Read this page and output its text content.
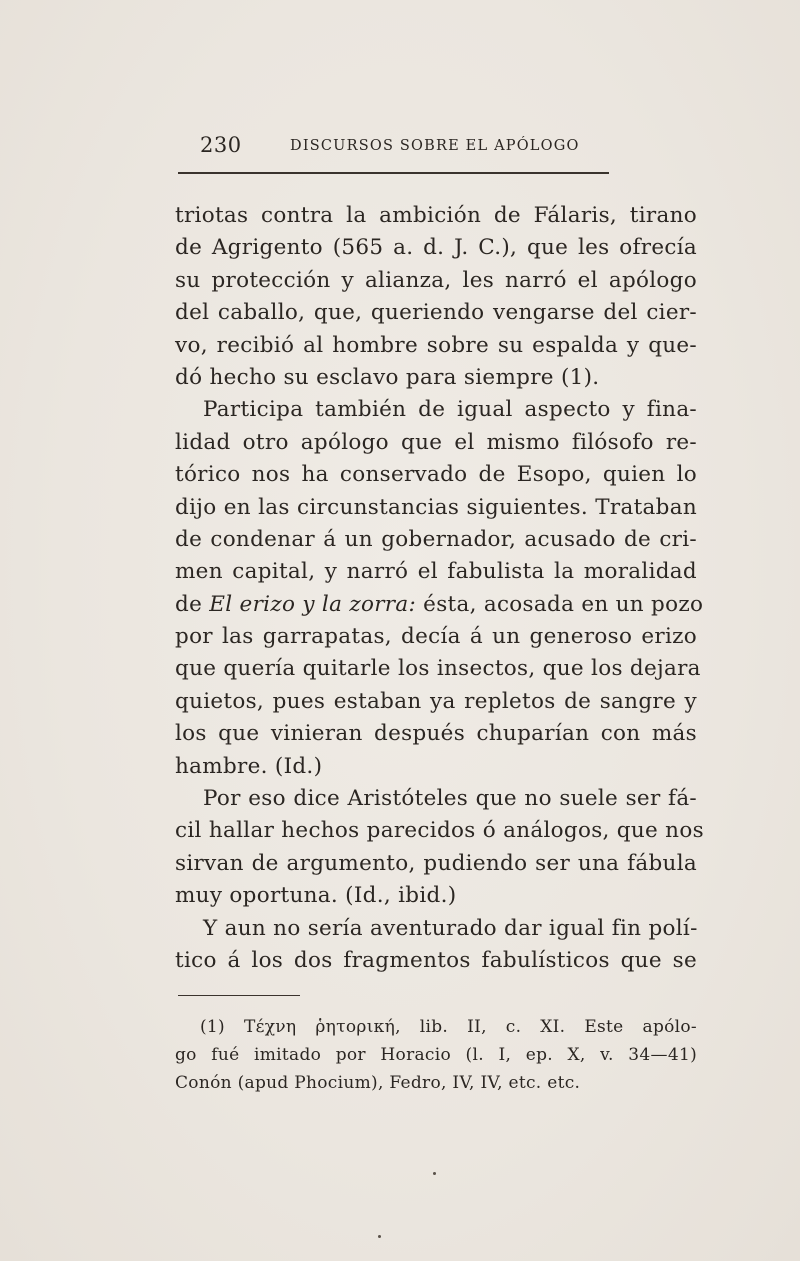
230	DISCURSOS SOBRE EL APÓLOGO
triotas contra la ambición de Fálaris, tirano
de Agrigento (565 a. d. J. C.), que les ofrecía
su protección y alianza, les narró el apólogo
del caballo, que, queriendo vengarse del cier-
vo, recibió al hombre sobre su espalda y que-
dó hecho su esclavo para siempre (1).
Participa también de igual aspecto y fina-
lidad otro apólogo que el mismo filósofo re-
tórico nos ha conservado de Esopo, quien lo
dijo en las circunstancias siguientes. Trataban
de condenar á un gobernador, acusado de cri-
men capital, y narró el fabulista la moralidad
de El erizo y la zorra: ésta, acosada en un pozo
por las garrapatas, decía á un generoso erizo
que quería quitarle los insectos, que los dejara
quietos, pues estaban ya repletos de sangre y
los que vinieran después chuparían con más
hambre. (Id.)
Por eso dice Aristóteles que no suele ser fá-
cil hallar hechos parecidos ó análogos, que nos
sirvan de argumento, pudiendo ser una fábula
muy oportuna. (Id., ibid.)
Y aun no sería aventurado dar igual fin polí-
tico á los dos fragmentos fabulísticos que se
(1) Τέχνη ῥητορική, lib. II, c. XI. Este apólo-
go fué imitado por Horacio (l. I, ep. X, v. 34—41)
Conón (apud Phocium), Fedro, IV, IV, etc. etc.
